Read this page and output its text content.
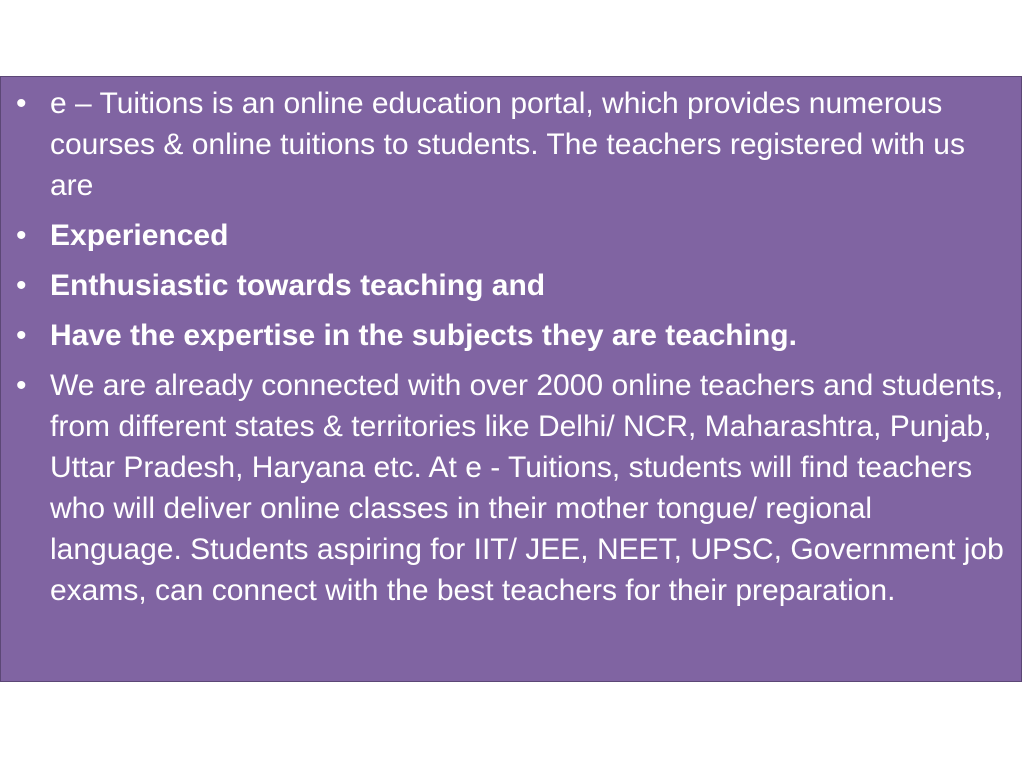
• e – Tuitions is an online education portal, which provides numerous courses & online tuitions to students. The teachers registered with us are
• Experienced
• Enthusiastic towards teaching and
• Have the expertise in the subjects they are teaching.
• We are already connected with over 2000 online teachers and students, from different states & territories like Delhi/ NCR, Maharashtra, Punjab, Uttar Pradesh, Haryana etc. At e - Tuitions, students will find teachers who will deliver online classes in their mother tongue/ regional language. Students aspiring for IIT/ JEE, NEET, UPSC, Government job exams, can connect with the best teachers for their preparation.
